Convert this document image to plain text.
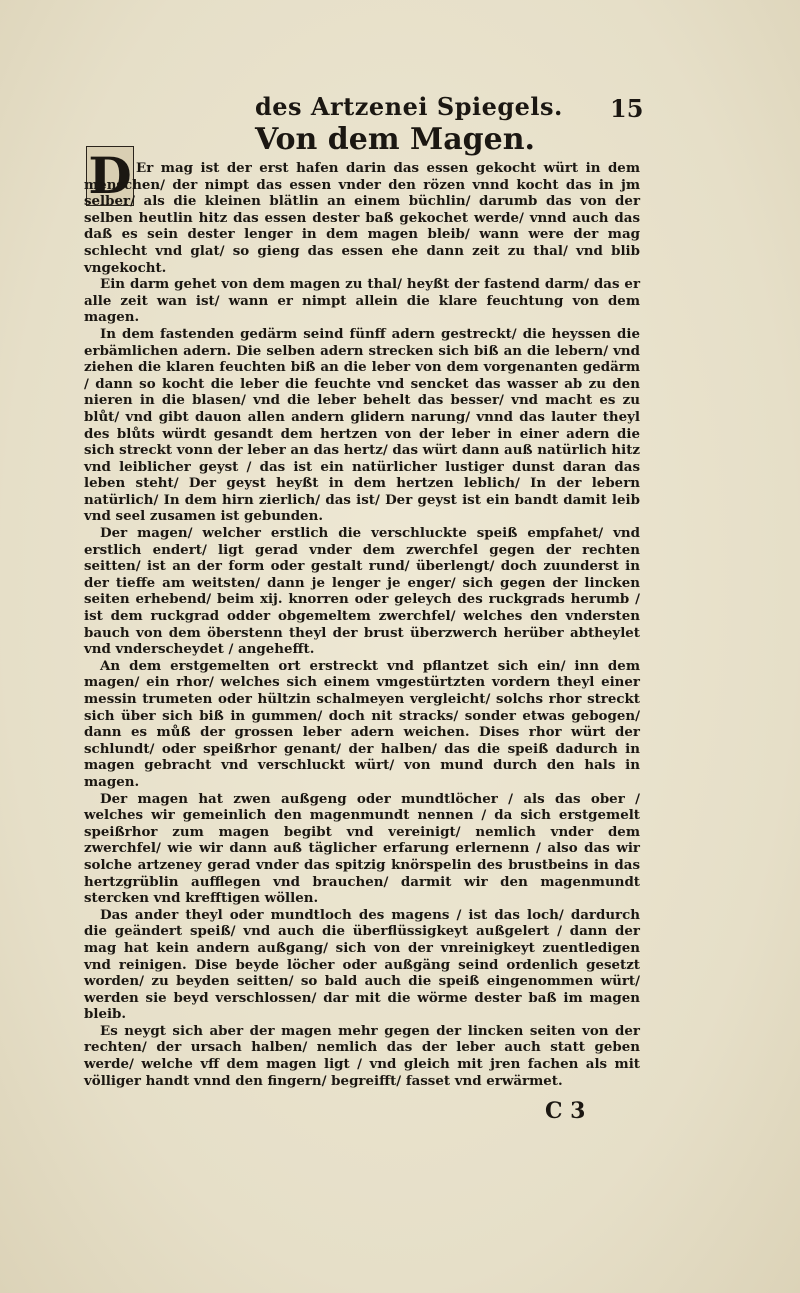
des Artzenei Spiegels.	15
Von dem Magen.
D Er mag ist der erst hafen darin das essen gekocht würt in dem menschen/ der nimpt das essen vnder den rözen vnnd kocht das in jm selber/ als die kleinen blätlin an einem büchlin/ darumb das von der selben heutlin hitz das essen dester baß gekochet werde/ vnnd auch das daß es sein dester lenger in dem magen bleib/ wann were der mag schlecht vnd glat/ so gieng das essen ehe dann zeit zu thal/ vnd blib vngekocht.

Ein darm gehet von dem magen zu thal/ heyßt der fastend darm/ das er alle zeit wan ist/ wann er nimpt allein die klare feuchtung von dem magen.

In dem fastenden gedärm seind fünff adern gestreckt/ die heyssen die erbämlichen adern. Die selben adern strecken sich biß an die lebern/ vnd ziehen die klaren feuchten biß an die leber von dem vorgenanten gedärm / dann so kocht die leber die feuchte vnd sencket das wasser ab zu den nieren in die blasen/ vnd die leber behelt das besser/ vnd macht es zu blůt/ vnd gibt dauon allen andern glidern narung/ vnnd das lauter theyl des blůts würdt gesandt dem hertzen von der leber in einer adern die sich streckt vonn der leber an das hertz/ das würt dann auß natürlich hitz vnd leiblicher geyst / das ist ein natürlicher lustiger dunst daran das leben steht/ Der geyst heyßt in dem hertzen leblich/ In der lebern natürlich/ In dem hirn zierlich/ das ist/ Der geyst ist ein bandt damit leib vnd seel zusamen ist gebunden.

Der magen/ welcher erstlich die verschluckte speiß empfahet/ vnd erstlich endert/ ligt gerad vnder dem zwerchfel gegen der rechten seitten/ ist an der form oder gestalt rund/ überlengt/ doch zuunderst in der tieffe am weitsten/ dann je lenger je enger/ sich gegen der lincken seiten erhebend/ beim xij. knorren oder geleych des ruckgrads herumb / ist dem ruckgrad odder obgemeltem zwerchfel/ welches den vndersten bauch von dem öberstenn theyl der brust überzwerch herüber abtheylet vnd vnderscheydet / angehefft.

An dem erstgemelten ort erstreckt vnd pflantzet sich ein/ inn dem magen/ ein rhor/ welches sich einem vmgestürtzten vordern theyl einer messin trumeten oder hültzin schalmeyen vergleicht/ solchs rhor streckt sich über sich biß in gummen/ doch nit stracks/ sonder etwas gebogen/ dann es můß der grossen leber adern weichen. Dises rhor würt der schlundt/ oder speißrhor genant/ der halben/ das die speiß dadurch in magen gebracht vnd verschluckt würt/ von mund durch den hals in magen.

Der magen hat zwen außgeng oder mundtlöcher / als das ober / welches wir gemeinlich den magenmundt nennen / da sich erstgemelt speißrhor zum magen begibt vnd vereinigt/ nemlich vnder dem zwerchfel/ wie wir dann auß täglicher erfarung erlernenn / also das wir solche artzeney gerad vnder das spitzig knörspelin des brustbeins in das hertzgrüblin aufflegen vnd brauchen/ darmit wir den magenmundt stercken vnd krefftigen wöllen.

Das ander theyl oder mundtloch des magens / ist das loch/ dardurch die geändert speiß/ vnd auch die überflüssigkeyt außgelert / dann der mag hat kein andern außgang/ sich von der vnreinigkeyt zuentledigen vnd reinigen. Dise beyde löcher oder außgäng seind ordenlich gesetzt worden/ zu beyden seitten/ so bald auch die speiß eingenommen würt/ werden sie beyd verschlossen/ dar mit die wörme dester baß im magen bleib.

Es neygt sich aber der magen mehr gegen der lincken seiten von der rechten/ der ursach halben/ nemlich das der leber auch statt geben werde/ welche vff dem magen ligt / vnd gleich mit jren fachen als mit völliger handt vnnd den fingern/ begreifft/ fasset vnd erwärmet.

C 3
